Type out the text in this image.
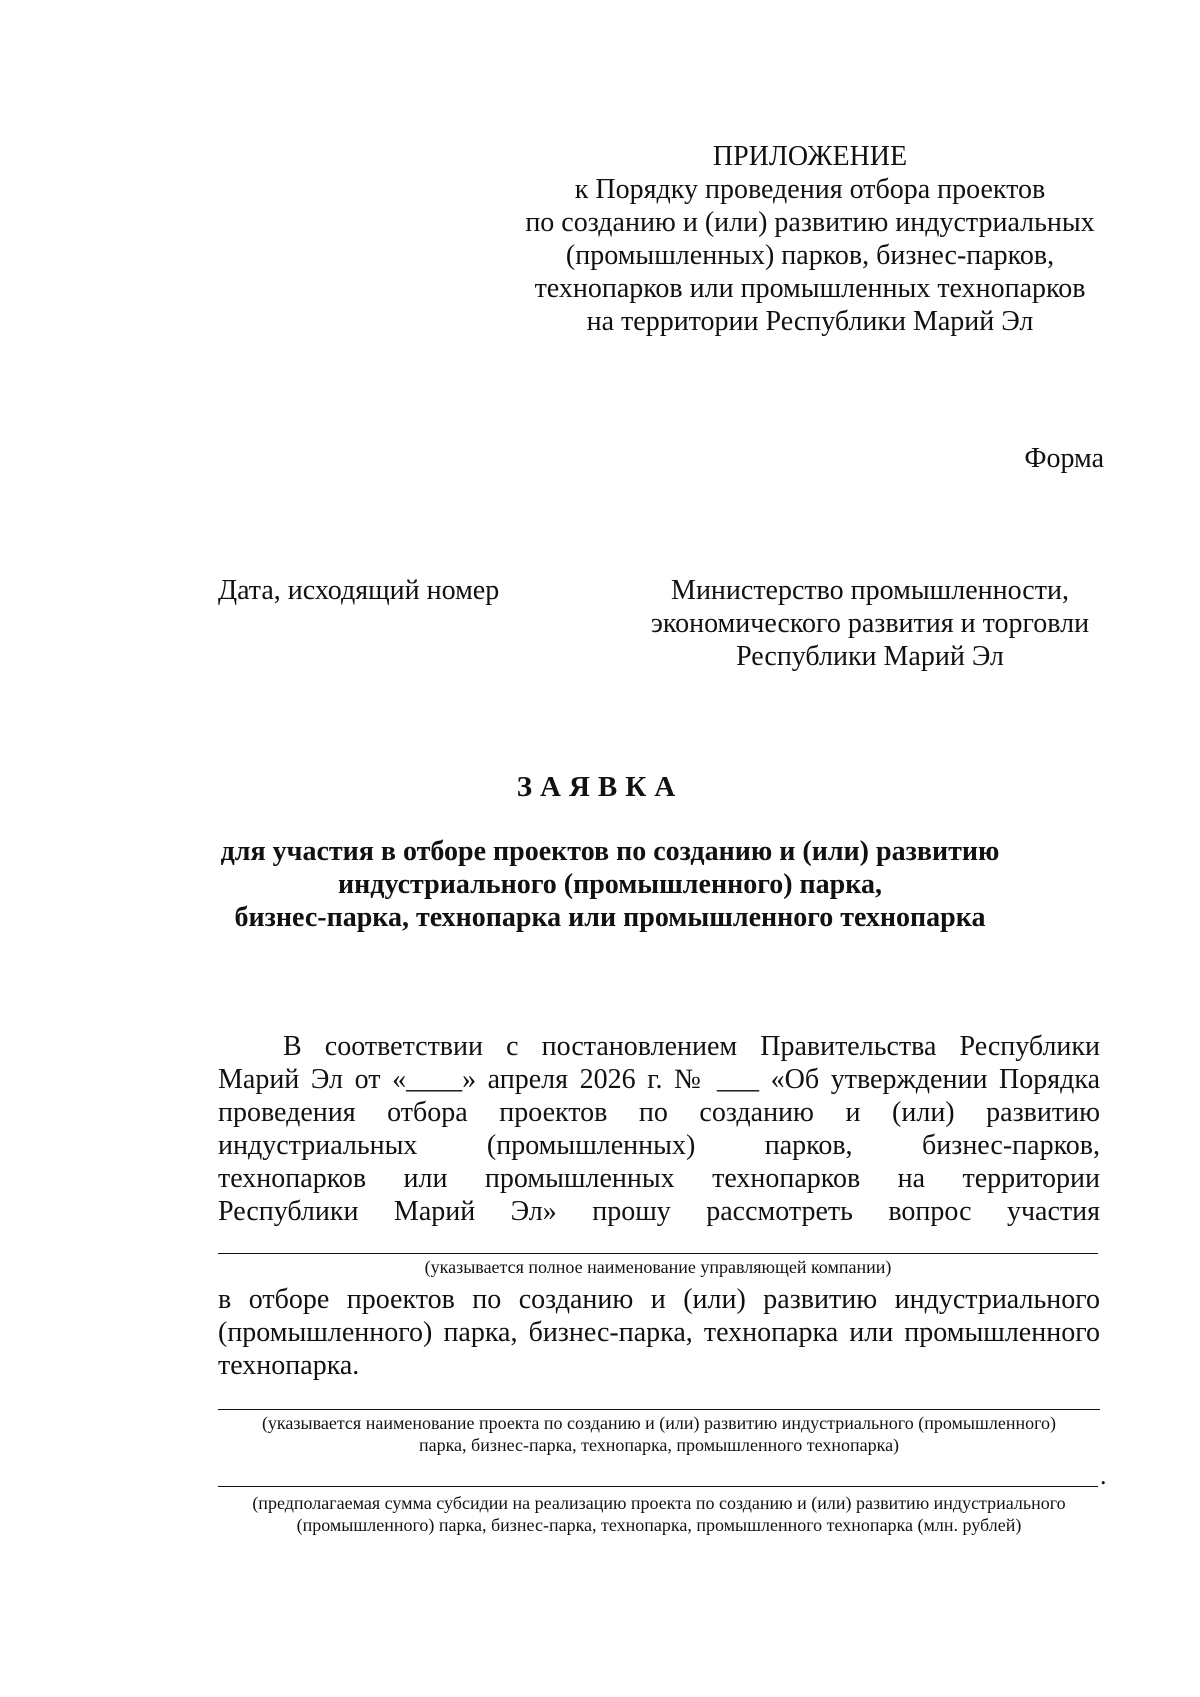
ПРИЛОЖЕНИЕ
к Порядку проведения отбора проектов
по созданию и (или) развитию индустриальных
(промышленных) парков, бизнес-парков,
технопарков или промышленных технопарков
на территории Республики Марий Эл
Форма
Дата, исходящий номер	Министерство промышленности,
экономического развития и торговли
Республики Марий Эл
ЗАЯВКА
для участия в отборе проектов по созданию и (или) развитию
индустриального (промышленного) парка,
бизнес-парка, технопарка или промышленного технопарка
В соответствии с постановлением Правительства Республики
Марий Эл от «____» апреля 2026 г. № ___ «Об утверждении Порядка
проведения отбора проектов по созданию и (или) развитию
индустриальных (промышленных) парков, бизнес-парков,
технопарков или промышленных технопарков на территории
Республики Марий Эл» прошу рассмотреть вопрос участия
(указывается полное наименование управляющей компании)
в отборе проектов по созданию и (или) развитию индустриального
(промышленного) парка, бизнес-парка, технопарка или промышленного
технопарка.
(указывается наименование проекта по созданию и (или) развитию индустриального (промышленного)
парка, бизнес-парка, технопарка, промышленного технопарка)
.
(предполагаемая сумма субсидии на реализацию проекта по созданию и (или) развитию индустриального
(промышленного) парка, бизнес-парка, технопарка, промышленного технопарка (млн. рублей)
